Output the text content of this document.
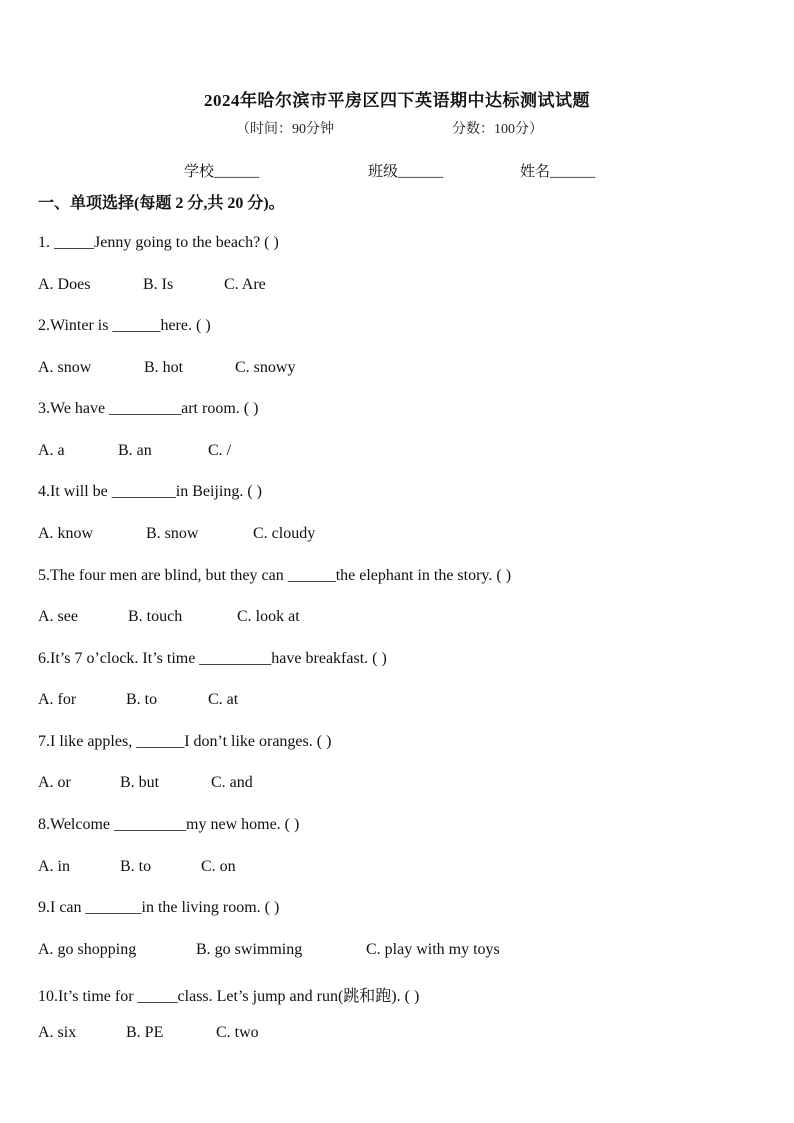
2024年哈尔滨市平房区四下英语期中达标测试试题
（时间：90分钟	分数：100分）
学校______	班级______	姓名______
一、单项选择(每题 2 分,共 20 分)。
1. _____Jenny going to the beach? ( )
A. Does	B. Is	C. Are
2.Winter is ______here. ( )
A. snow	B. hot	C. snowy
3.We have _________art room. ( )
A. a	B. an	C. /
4.It will be ________in Beijing. ( )
A. know	B. snow	C. cloudy
5.The four men are blind, but they can ______the elephant in the story. ( )
A. see	B. touch	C. look at
6.It’s 7 o’clock. It’s time _________have breakfast. ( )
A. for	B. to	C. at
7.I like apples, ______I don’t like oranges. ( )
A. or	B. but	C. and
8.Welcome _________my new home. ( )
A. in	B. to	C. on
9.I can _______in the living room. ( )
A. go shopping	B. go swimming	C. play with my toys
10.It’s time for _____class. Let’s jump and run(跳和跑). ( )
A. six	B. PE	C. two
